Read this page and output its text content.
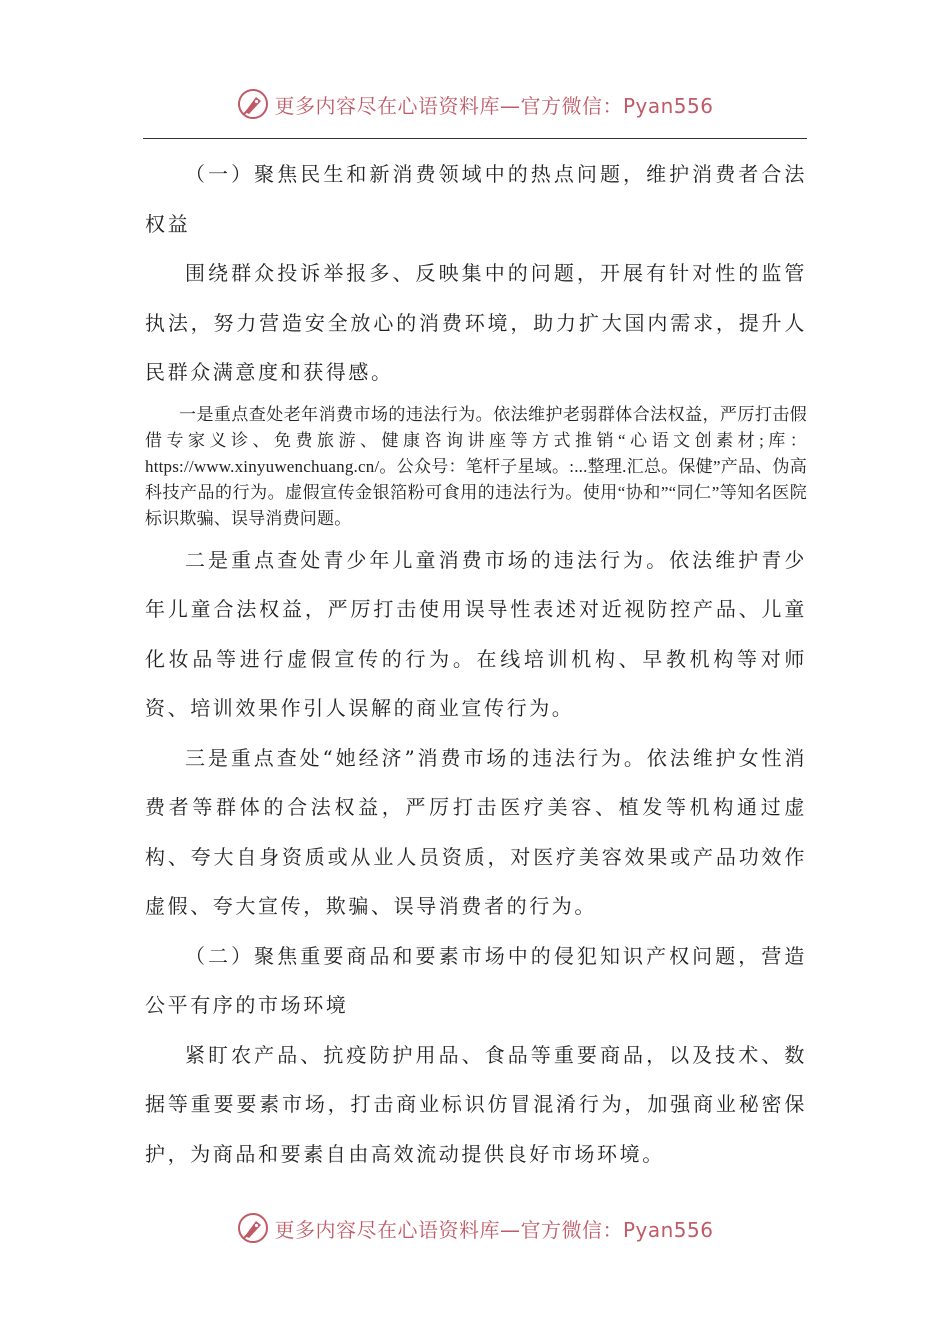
更多内容尽在心语资料库—官方微信：Pyan556

（一）聚焦民生和新消费领域中的热点问题，维护消费者合法权益

围绕群众投诉举报多、反映集中的问题，开展有针对性的监管执法，努力营造安全放心的消费环境，助力扩大国内需求，提升人民群众满意度和获得感。

一是重点查处老年消费市场的违法行为。依法维护老弱群体合法权益，严厉打击假借专家义诊、免费旅游、健康咨询讲座等方式推销“心语文创素材;库：https://www.xinyuwenchuang.cn/。公众号：笔杆子星域。:...整理.汇总。保健”产品、伪高科技产品的行为。虚假宣传金银箔粉可食用的违法行为。使用“协和”“同仁”等知名医院标识欺骗、误导消费问题。

二是重点查处青少年儿童消费市场的违法行为。依法维护青少年儿童合法权益，严厉打击使用误导性表述对近视防控产品、儿童化妆品等进行虚假宣传的行为。在线培训机构、早教机构等对师资、培训效果作引人误解的商业宣传行为。

三是重点查处“她经济”消费市场的违法行为。依法维护女性消费者等群体的合法权益，严厉打击医疗美容、植发等机构通过虚构、夸大自身资质或从业人员资质，对医疗美容效果或产品功效作虚假、夸大宣传，欺骗、误导消费者的行为。

（二）聚焦重要商品和要素市场中的侵犯知识产权问题，营造公平有序的市场环境

紧盯农产品、抗疫防护用品、食品等重要商品，以及技术、数据等重要要素市场，打击商业标识仿冒混淆行为，加强商业秘密保护，为商品和要素自由高效流动提供良好市场环境。

更多内容尽在心语资料库—官方微信：Pyan556
